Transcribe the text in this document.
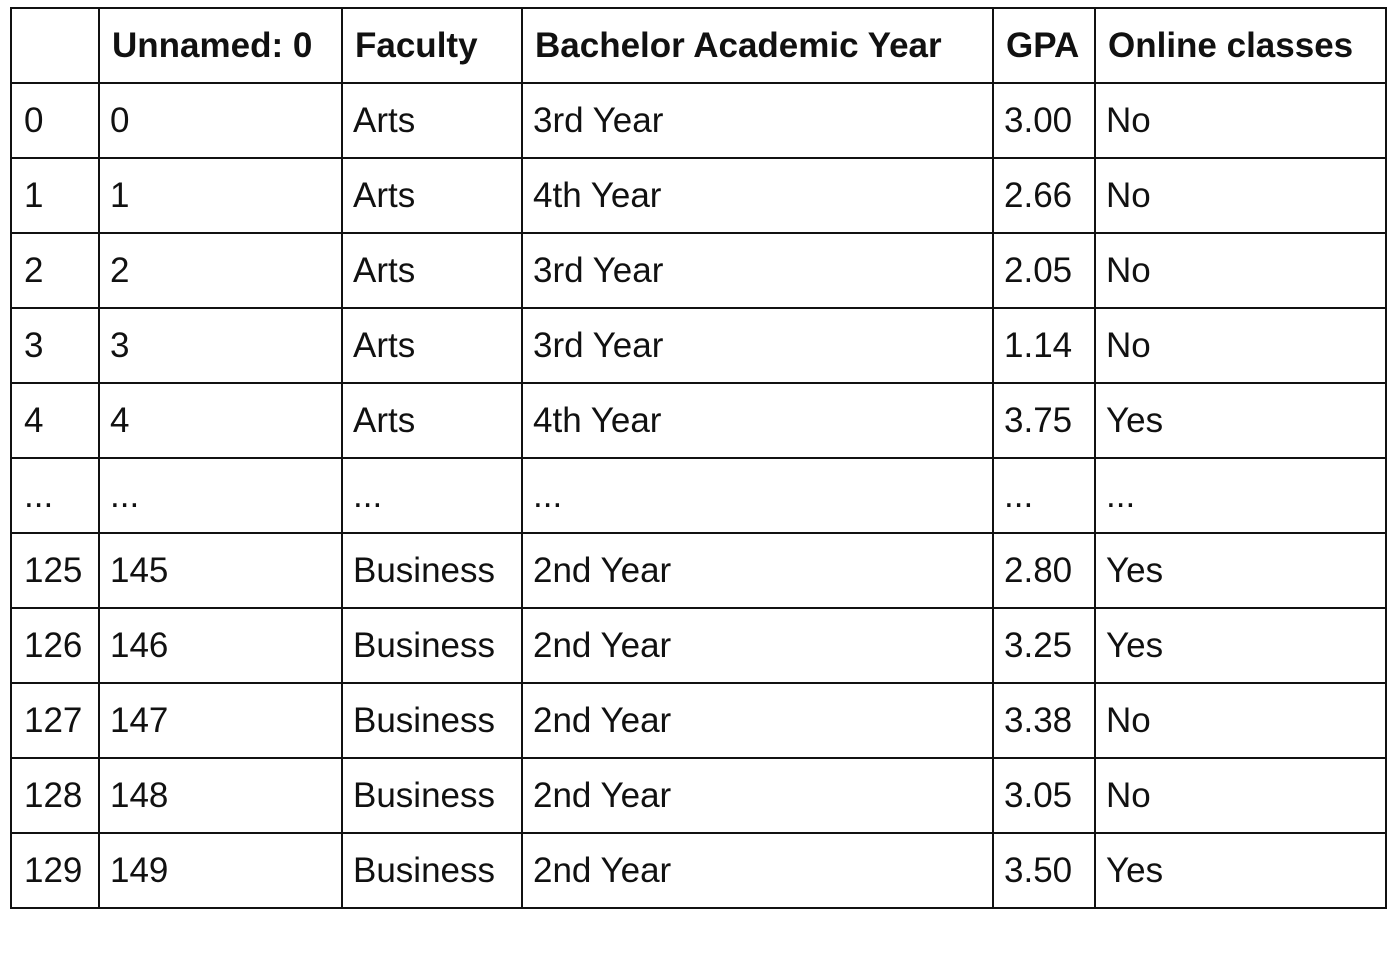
	Unnamed: 0	Faculty	Bachelor Academic Year	GPA	Online classes
0	0	Arts	3rd Year	3.00	No
1	1	Arts	4th Year	2.66	No
2	2	Arts	3rd Year	2.05	No
3	3	Arts	3rd Year	1.14	No
4	4	Arts	4th Year	3.75	Yes
...	...	...	...	...	...
125	145	Business	2nd Year	2.80	Yes
126	146	Business	2nd Year	3.25	Yes
127	147	Business	2nd Year	3.38	No
128	148	Business	2nd Year	3.05	No
129	149	Business	2nd Year	3.50	Yes
